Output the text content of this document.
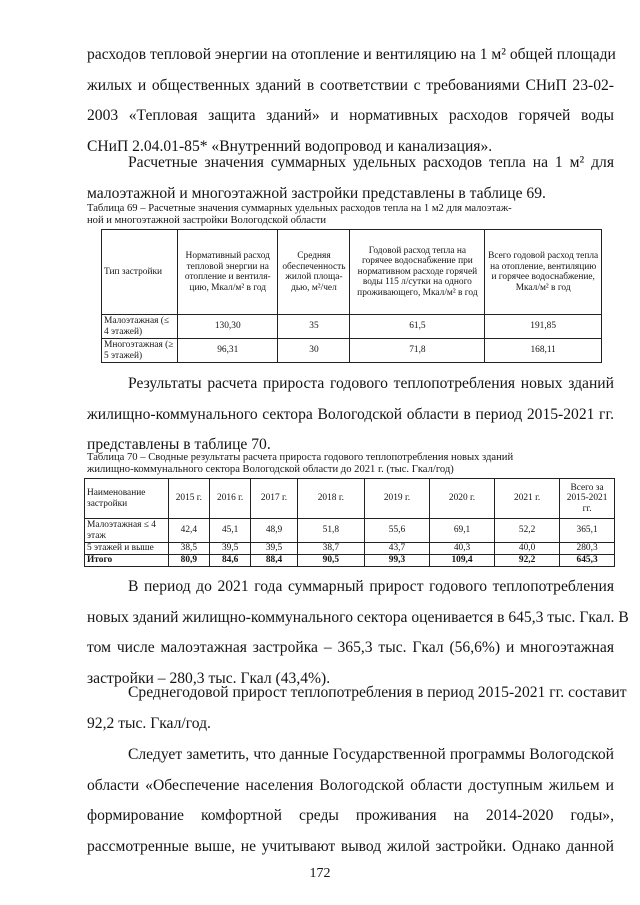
расходов тепловой энергии на отопление и вентиляцию на 1 м² общей площади
жилых и общественных зданий в соответствии с требованиями СНиП 23-02-
2003 «Тепловая защита зданий» и нормативных расходов горячей воды
СНиП 2.04.01-85* «Внутренний водопровод и канализация».
Расчетные значения суммарных удельных расходов тепла на 1 м² для
малоэтажной и многоэтажной застройки представлены в таблице 69.
Таблица 69 – Расчетные значения суммарных удельных расходов тепла на 1 м2 для малоэтаж-
ной и многоэтажной застройки Вологодской области
Тип застройки	Нормативный расход тепловой энергии на отопление и вентиля-цию, Мкал/м² в год	Средняя обеспеченность жилой площа-дью, м²/чел	Годовой расход тепла на горячее водоснабжение при нормативном расходе горячей воды 115 л/сутки на одного проживающего, Мкал/м² в год	Всего годовой расход тепла на отопление, вентиляцию и горячее водоснабжение, Мкал/м² в год
Малоэтажная (≤ 4 этажей)	130,30	35	61,5	191,85
Многоэтажная (≥ 5 этажей)	96,31	30	71,8	168,11
Результаты расчета прироста годового теплопотребления новых зданий
жилищно-коммунального сектора Вологодской области в период 2015-2021 гг.
представлены в таблице 70.
Таблица 70 – Сводные результаты расчета прироста годового теплопотребления новых зданий
жилищно-коммунального сектора Вологодской области до 2021 г. (тыс. Гкал/год)
Наименование застройки	2015 г.	2016 г.	2017 г.	2018 г.	2019 г.	2020 г.	2021 г.	Всего за 2015-2021 гг.
Малоэтажная ≤ 4 этаж	42,4	45,1	48,9	51,8	55,6	69,1	52,2	365,1
5 этажей и выше	38,5	39,5	39,5	38,7	43,7	40,3	40,0	280,3
Итого	80,9	84,6	88,4	90,5	99,3	109,4	92,2	645,3
В период до 2021 года суммарный прирост годового теплопотребления
новых зданий жилищно-коммунального сектора оценивается в 645,3 тыс. Гкал. В
том числе малоэтажная застройка – 365,3 тыс. Гкал (56,6%) и многоэтажная
застройки – 280,3 тыс. Гкал (43,4%).
Среднегодовой прирост теплопотребления в период 2015-2021 гг. составит
92,2 тыс. Гкал/год.
Следует заметить, что данные Государственной программы Вологодской
области «Обеспечение населения Вологодской области доступным жильем и
формирование комфортной среды проживания на 2014-2020 годы»,
рассмотренные выше, не учитывают вывод жилой застройки. Однако данной
172
